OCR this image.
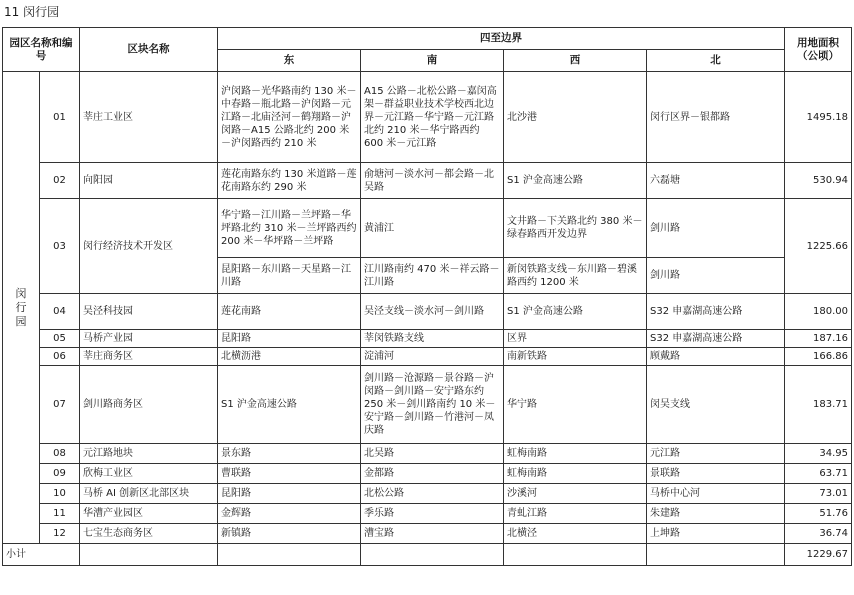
11 闵行园
园区名称和编号		区块名称	四至边界				用地面积（公顷）
			东	南	西	北	

闵行园	01	莘庄工业区	沪闵路－光华路南约 130 米－中春路－瓶北路－沪闵路－元江路－北庙泾河－鹤翔路－沪闵路－A15 公路北约 200 米－沪闵路西约 210 米	A15 公路－北松公路－嘉闵高架－群益职业技术学校西北边界－元江路－华宁路－元江路北约 210 米－华宁路西约 600 米－元江路	北沙港	闵行区界－银都路	1495.18
	02	向阳园	莲花南路东约 130 米道路－莲花南路东约 290 米	俞塘河－淡水河－都会路－北吴路	S1 沪金高速公路	六磊塘	530.94
	03	闵行经济技术开发区	华宁路－江川路－兰坪路－华坪路北约 310 米－兰坪路西约 200 米－华坪路－兰坪路	黄浦江	文井路－下关路北约 380 米－绿春路西开发边界	剑川路	1225.66
			昆阳路－东川路－天星路－江川路	江川路南约 470 米－祥云路－江川路	新闵铁路支线－东川路－碧溪路西约 1200 米	剑川路	
	04	吴泾科技园	莲花南路	吴泾支线－淡水河－剑川路	S1 沪金高速公路	S32 申嘉湖高速公路	180.00
	05	马桥产业园	昆阳路	莘闵铁路支线	区界	S32 申嘉湖高速公路	187.16
	06	莘庄商务区	北横沥港	淀浦河	南新铁路	顾戴路	166.86
	07	剑川路商务区	S1 沪金高速公路	剑川路－沧源路－景谷路－沪闵路－剑川路－安宁路东约 250 米－剑川路南约 10 米－安宁路－剑川路－竹港河－凤庆路	华宁路	闵吴支线	183.71
	08	元江路地块	景东路	北吴路	虹梅南路	元江路	34.95
	09	欣梅工业区	曹联路	金都路	虹梅南路	景联路	63.71
	10	马桥 AI 创新区北部区块	昆阳路	北松公路	沙溪河	马桥中心河	73.01
	11	华漕产业园区	金辉路	季乐路	青虬江路	朱建路	51.76
	12	七宝生态商务区	新镇路	漕宝路	北横泾	上坤路	36.74
小计							1229.67
